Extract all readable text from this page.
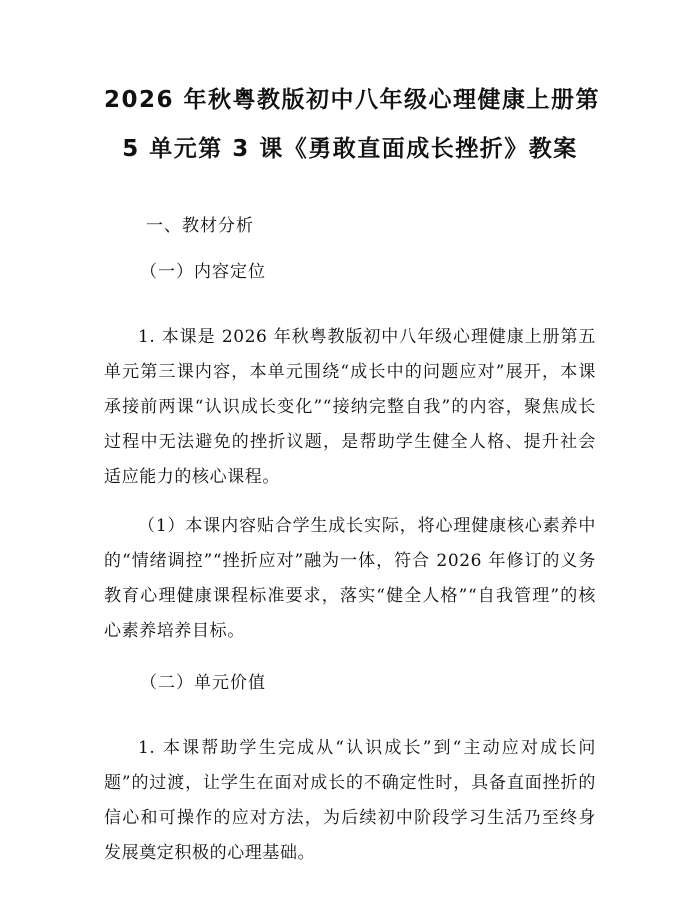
2026 年秋粤教版初中八年级心理健康上册第
5 单元第 3 课《勇敢直面成长挫折》教案

一、教材分析

（一）内容定位

1. 本课是 2026 年秋粤教版初中八年级心理健康上册第五单元第三课内容，本单元围绕“成长中的问题应对”展开，本课承接前两课“认识成长变化”“接纳完整自我”的内容，聚焦成长过程中无法避免的挫折议题，是帮助学生健全人格、提升社会适应能力的核心课程。

（1）本课内容贴合学生成长实际，将心理健康核心素养中的“情绪调控”“挫折应对”融为一体，符合 2026 年修订的义务教育心理健康课程标准要求，落实“健全人格”“自我管理”的核心素养培养目标。

（二）单元价值

1. 本课帮助学生完成从“认识成长”到“主动应对成长问题”的过渡，让学生在面对成长的不确定性时，具备直面挫折的信心和可操作的应对方法，为后续初中阶段学习生活乃至终身发展奠定积极的心理基础。
